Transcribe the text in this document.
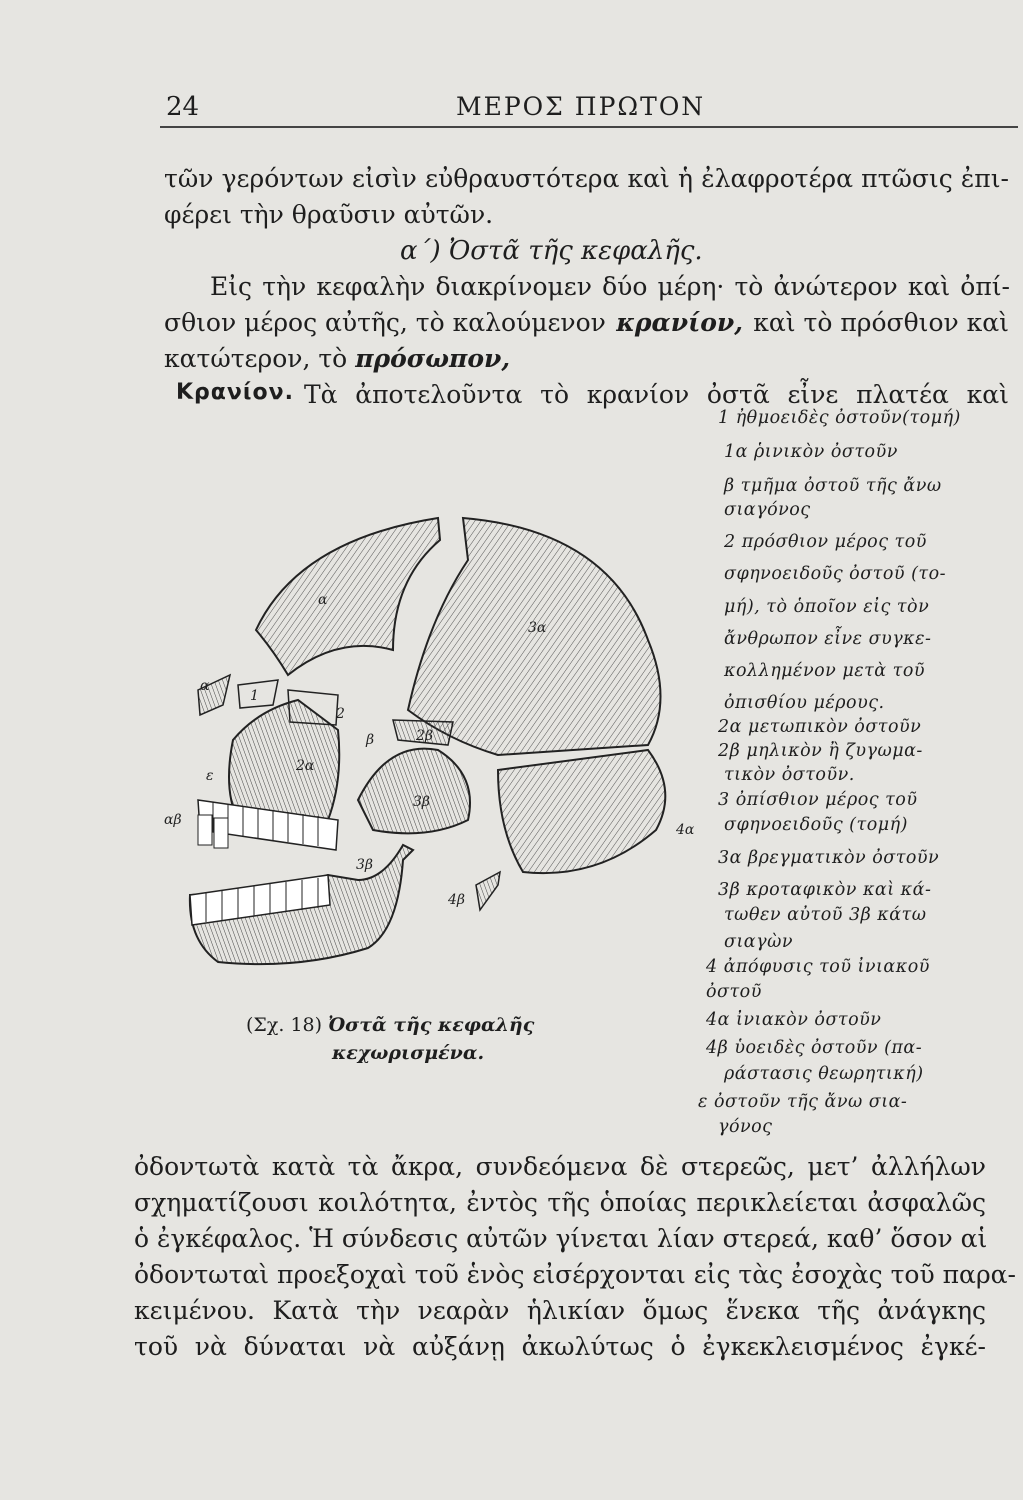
24	ΜΕΡΟΣ ΠΡΩΤΟΝ
τῶν γερόντων εἰσὶν εὐθραυστότερα καὶ ἡ ἐλαφροτέρα πτῶσις ἐπι-
φέρει τὴν θραῦσιν αὐτῶν.
α΄) Ὀστᾶ τῆς κεφαλῆς.
Εἰς τὴν κεφαλὴν διακρίνομεν δύο μέρη· τὸ ἀνώτερον καὶ ὀπί-
σθιον μέρος αὐτῆς, τὸ καλούμενον κρανίον, καὶ τὸ πρόσθιον καὶ
κατώτερον, τὸ πρόσωπον,
Κρανίον. Τὰ ἀποτελοῦντα τὸ κρανίον ὀστᾶ εἶνε πλατέα καὶ
1 ἠθμοειδὲς ὀστοῦν(τομή)
1α ῥινικὸν ὀστοῦν
β τμῆμα ὀστοῦ τῆς ἄνω
σιαγόνος
2 πρόσθιον μέρος τοῦ
σφηνοειδοῦς ὀστοῦ (το-
μή), τὸ ὁποῖον εἰς τὸν
ἄνθρωπον εἶνε συγκε-
κολλημένον μετὰ τοῦ
ὀπισθίου μέρους.
2α μετωπικὸν ὀστοῦν
2β μηλικὸν ἢ ζυγωμα-
τικὸν ὀστοῦν.
3 ὀπίσθιον μέρος τοῦ
σφηνοειδοῦς (τομή)
3α βρεγματικὸν ὀστοῦν
3β κροταφικὸν καὶ κά-
τωθεν αὐτοῦ 3β κάτω
σιαγὼν
4 ἀπόφυσις τοῦ ἰνιακοῦ
ὀστοῦ
4α ἰνιακὸν ὀστοῦν
4β ὑοειδὲς ὀστοῦν (πα-
ράστασις θεωρητική)
ε ὀστοῦν τῆς ἄνω σια-
γόνος
α
3α
α
1
2
2α
2β
ε
αβ
3β
3β
4α
4β
β
(Σχ. 18) Ὀστᾶ τῆς κεφαλῆς
κεχωρισμένα.
ὀδοντωτὰ κατὰ τὰ ἄκρα, συνδεόμενα δὲ στερεῶς, μετ’ ἀλλήλων
σχηματίζουσι κοιλότητα, ἐντὸς τῆς ὁποίας περικλείεται ἀσφαλῶς
ὁ ἐγκέφαλος. Ἡ σύνδεσις αὐτῶν γίνεται λίαν στερεά, καθ’ ὅσον αἱ
ὀδοντωταὶ προεξοχαὶ τοῦ ἑνὸς εἰσέρχονται εἰς τὰς ἐσοχὰς τοῦ παρα-
κειμένου. Κατὰ τὴν νεαρὰν ἡλικίαν ὅμως ἕνεκα τῆς ἀνάγκης
τοῦ νὰ δύναται νὰ αὐξάνῃ ἀκωλύτως ὁ ἐγκεκλεισμένος ἐγκέ-
